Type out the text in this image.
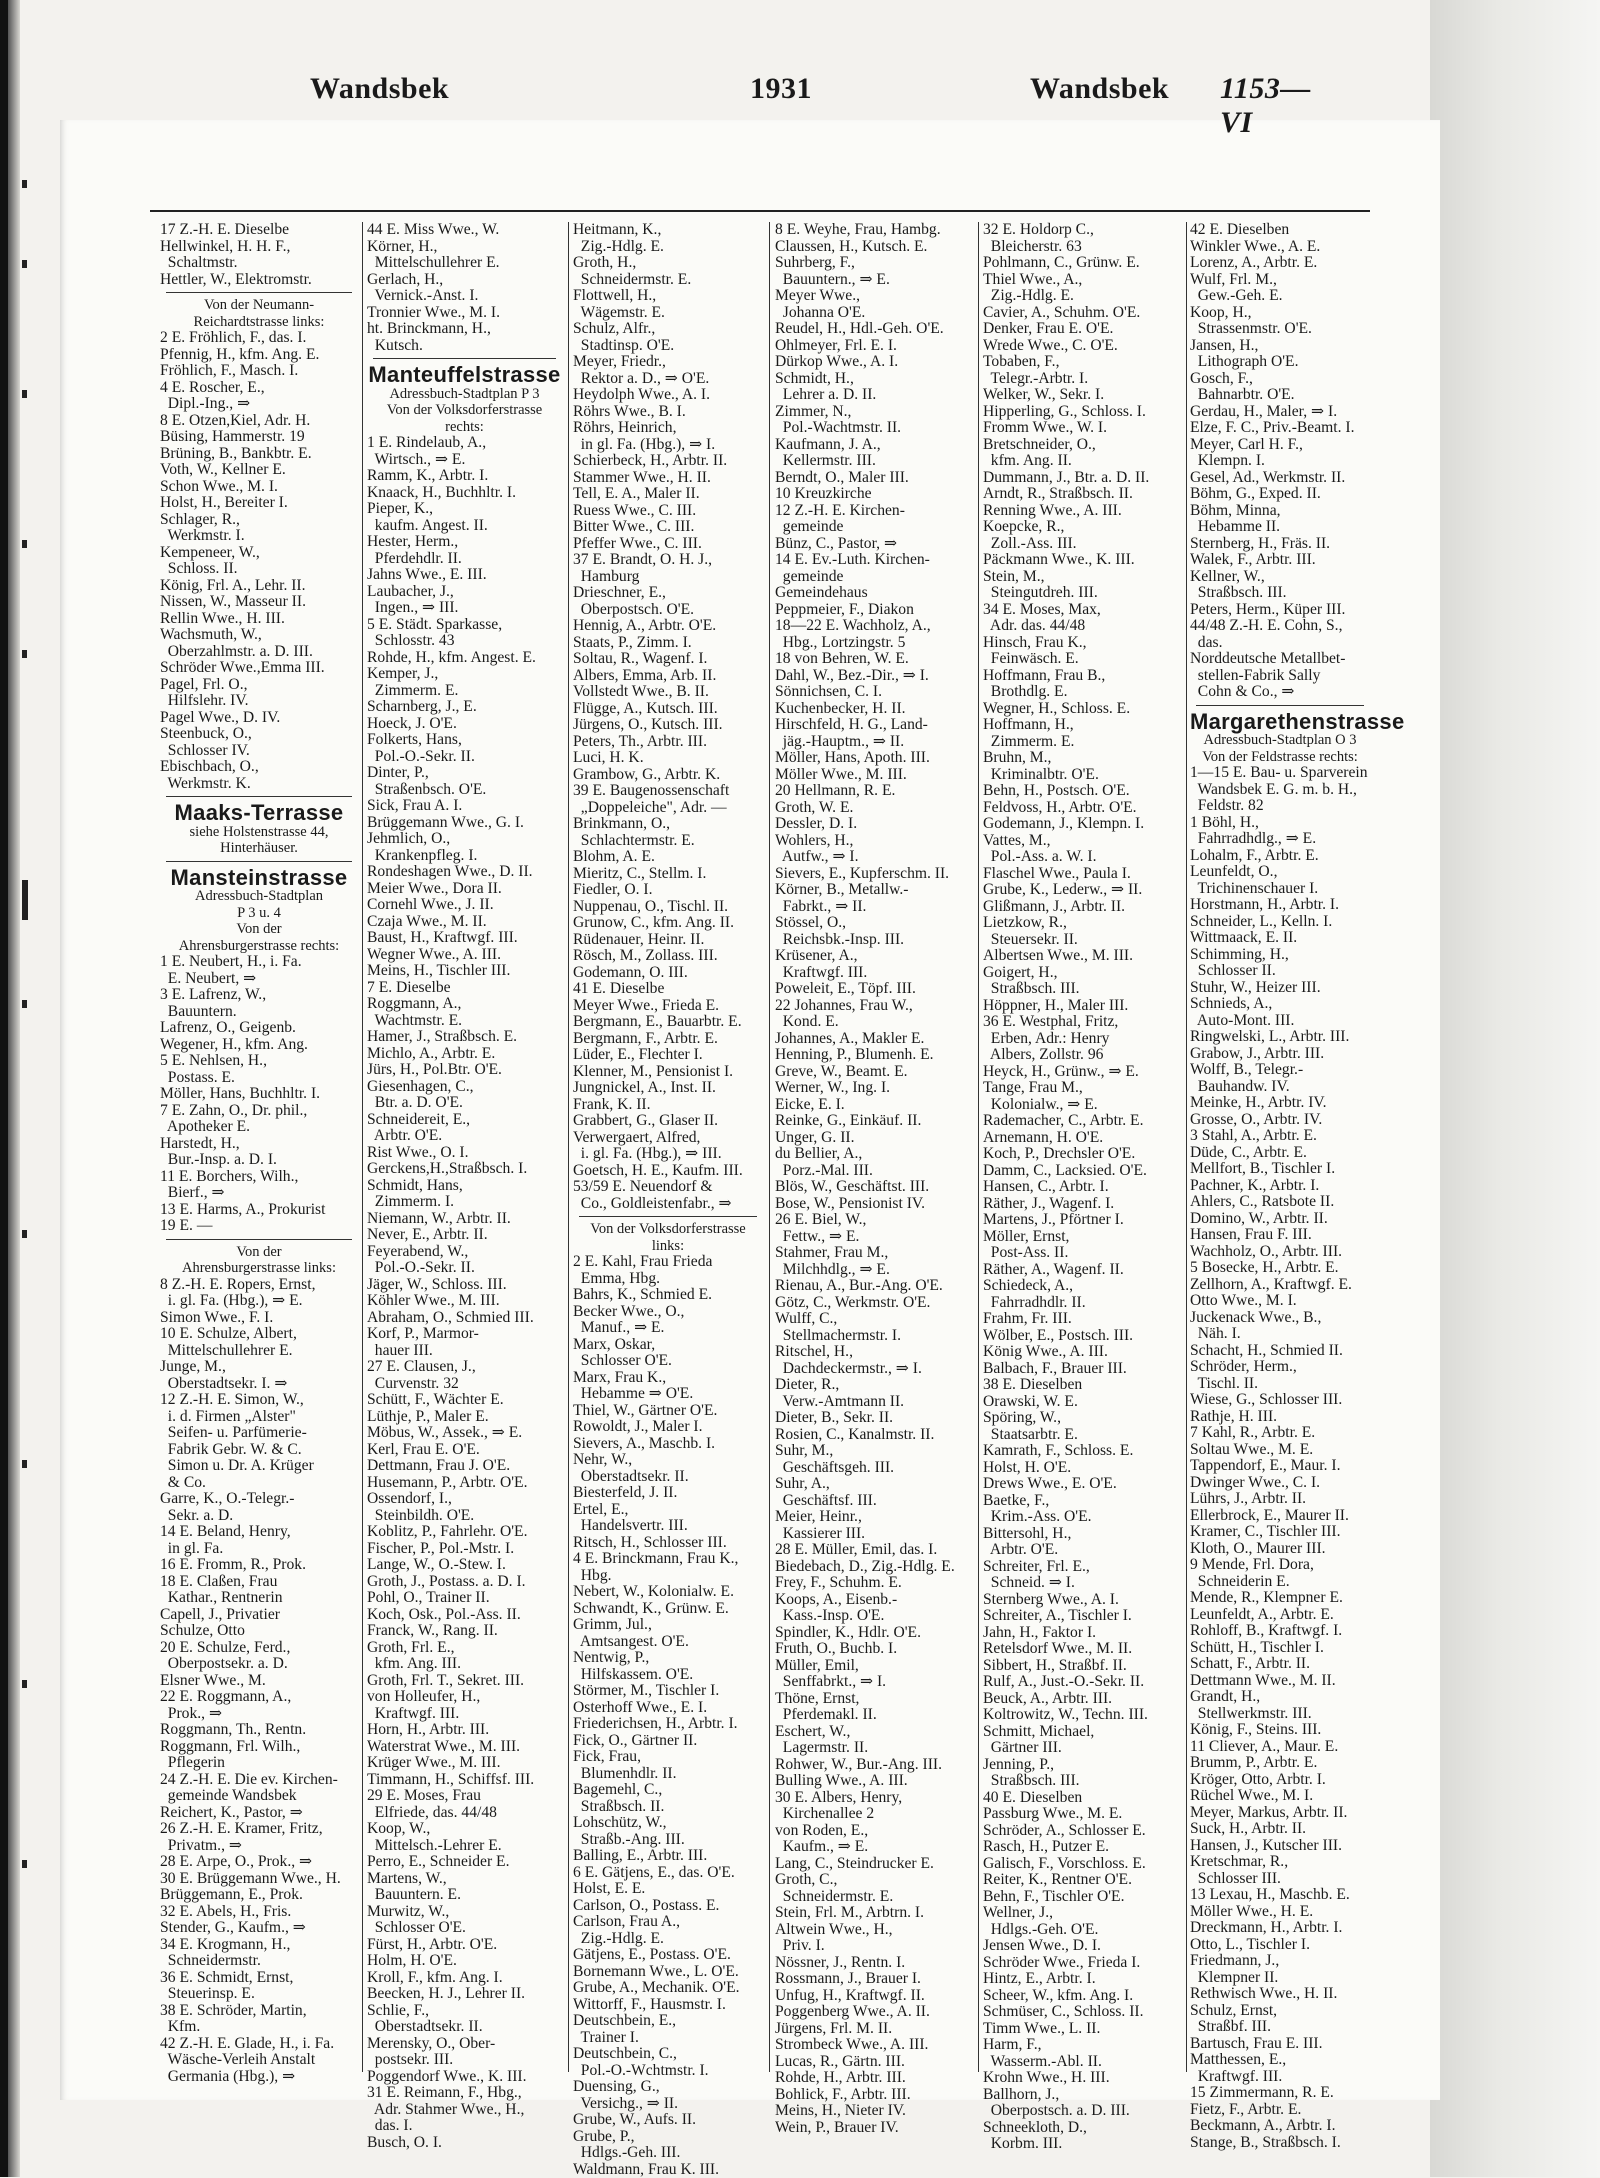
Wandsbek	1931	Wandsbek 1153—VI
17 Z.-H. E. Dieselbe
Hellwinkel, H. H. F.,
Schaltmstr.
Hettler, W., Elektromstr.
Von der Neumann-
Reichardtstrasse links:
2 E. Fröhlich, F., das. I.
Pfennig, H., kfm. Ang. E.
Fröhlich, F., Masch. I.
4 E. Roscher, E.,
Dipl.-Ing., ⇒
8 E. Otzen,Kiel, Adr. H.
Büsing, Hammerstr. 19
Brüning, B., Bankbtr. E.
Voth, W., Kellner E.
Schon Wwe., M. I.
Holst, H., Bereiter I.
Schlager, R.,
Werkmstr. I.
Kempeneer, W.,
Schloss. II.
König, Frl. A., Lehr. II.
Nissen, W., Masseur II.
Rellin Wwe., H. III.
Wachsmuth, W.,
Oberzahlmstr. a. D. III.
Schröder Wwe.,Emma III.
Pagel, Frl. O.,
Hilfslehr. IV.
Pagel Wwe., D. IV.
Steenbuck, O.,
Schlosser IV.
Ebischbach, O.,
Werkmstr. K.
Maaks-Terrasse
siehe Holstenstrasse 44,
Hinterhäuser.
Mansteinstrasse
Adressbuch-Stadtplan
P 3 u. 4
Von der
Ahrensburgerstrasse rechts:
1 E. Neubert, H., i. Fa.
E. Neubert, ⇒
3 E. Lafrenz, W.,
Bauuntern.
Lafrenz, O., Geigenb.
Wegener, H., kfm. Ang.
5 E. Nehlsen, H.,
Postass. E.
Möller, Hans, Buchhltr. I.
7 E. Zahn, O., Dr. phil.,
Apotheker E.
Harstedt, H.,
Bur.-Insp. a. D. I.
11 E. Borchers, Wilh.,
Bierf., ⇒
13 E. Harms, A., Prokurist
19 E. —
Von der
Ahrensburgerstrasse links:
8 Z.-H. E. Ropers, Ernst,
i. gl. Fa. (Hbg.), ⇒ E.
Simon Wwe., F. I.
10 E. Schulze, Albert,
Mittelschullehrer E.
Junge, M.,
Oberstadtsekr. I. ⇒
12 Z.-H. E. Simon, W.,
i. d. Firmen „Alster"
Seifen- u. Parfümerie-
Fabrik Gebr. W. & C.
Simon u. Dr. A. Krüger
& Co.
Garre, K., O.-Telegr.-
Sekr. a. D.
14 E. Beland, Henry,
in gl. Fa.
16 E. Fromm, R., Prok.
18 E. Claßen, Frau
Kathar., Rentnerin
Capell, J., Privatier
Schulze, Otto
20 E. Schulze, Ferd.,
Oberpostsekr. a. D.
Elsner Wwe., M.
22 E. Roggmann, A.,
Prok., ⇒
Roggmann, Th., Rentn.
Roggmann, Frl. Wilh.,
Pflegerin
24 Z.-H. E. Die ev. Kirchen-
gemeinde Wandsbek
Reichert, K., Pastor, ⇒
26 Z.-H. E. Kramer, Fritz,
Privatm., ⇒
28 E. Arpe, O., Prok., ⇒
30 E. Brüggemann Wwe., H.
Brüggemann, E., Prok.
32 E. Abels, H., Fris.
Stender, G., Kaufm., ⇒
34 E. Krogmann, H.,
Schneidermstr.
36 E. Schmidt, Ernst,
Steuerinsp. E.
38 E. Schröder, Martin,
Kfm.
42 Z.-H. E. Glade, H., i. Fa.
Wäsche-Verleih Anstalt
Germania (Hbg.), ⇒
44 E. Miss Wwe., W.
Körner, H.,
Mittelschullehrer E.
Gerlach, H.,
Vernick.-Anst. I.
Tronnier Wwe., M. I.
ht. Brinckmann, H.,
Kutsch.
Manteuffelstrasse
Adressbuch-Stadtplan P 3
Von der Volksdorferstrasse
rechts:
1 E. Rindelaub, A.,
Wirtsch., ⇒ E.
Ramm, K., Arbtr. I.
Knaack, H., Buchhltr. I.
Pieper, K.,
kaufm. Angest. II.
Hester, Herm.,
Pferdehdlr. II.
Jahns Wwe., E. III.
Laubacher, J.,
Ingen., ⇒ III.
5 E. Städt. Sparkasse,
Schlosstr. 43
Rohde, H., kfm. Angest. E.
Kemper, J.,
Zimmerm. E.
Scharnberg, J., E.
Hoeck, J. O'E.
Folkerts, Hans,
Pol.-O.-Sekr. II.
Dinter, P.,
Straßenbsch. O'E.
Sick, Frau A. I.
Brüggemann Wwe., G. I.
Jehmlich, O.,
Krankenpfleg. I.
Rondeshagen Wwe., D. II.
Meier Wwe., Dora II.
Cornehl Wwe., J. II.
Czaja Wwe., M. II.
Baust, H., Kraftwgf. III.
Wegner Wwe., A. III.
Meins, H., Tischler III.
7 E. Dieselbe
Roggmann, A.,
Wachtmstr. E.
Hamer, J., Straßbsch. E.
Michlo, A., Arbtr. E.
Jürs, H., Pol.Btr. O'E.
Giesenhagen, C.,
Btr. a. D. O'E.
Schneidereit, E.,
Arbtr. O'E.
Rist Wwe., O. I.
Gerckens,H.,Straßbsch. I.
Schmidt, Hans,
Zimmerm. I.
Niemann, W., Arbtr. II.
Never, E., Arbtr. II.
Feyerabend, W.,
Pol.-O.-Sekr. II.
Jäger, W., Schloss. III.
Köhler Wwe., M. III.
Abraham, O., Schmied III.
Korf, P., Marmor-
hauer III.
27 E. Clausen, J.,
Curvenstr. 32
Schütt, F., Wächter E.
Lüthje, P., Maler E.
Möbus, W., Assek., ⇒ E.
Kerl, Frau E. O'E.
Dettmann, Frau J. O'E.
Husemann, P., Arbtr. O'E.
Ossendorf, I.,
Steinbildh. O'E.
Koblitz, P., Fahrlehr. O'E.
Fischer, P., Pol.-Mstr. I.
Lange, W., O.-Stew. I.
Groth, J., Postass. a. D. I.
Pohl, O., Trainer II.
Koch, Osk., Pol.-Ass. II.
Franck, W., Rang. II.
Groth, Frl. E.,
kfm. Ang. III.
Groth, Frl. T., Sekret. III.
von Holleufer, H.,
Kraftwgf. III.
Horn, H., Arbtr. III.
Waterstrat Wwe., M. III.
Krüger Wwe., M. III.
Timmann, H., Schiffsf. III.
29 E. Moses, Frau
Elfriede, das. 44/48
Koop, W.,
Mittelsch.-Lehrer E.
Perro, E., Schneider E.
Martens, W.,
Bauuntern. E.
Murwitz, W.,
Schlosser O'E.
Fürst, H., Arbtr. O'E.
Holm, H. O'E.
Kroll, F., kfm. Ang. I.
Beecken, H. J., Lehrer II.
Schlie, F.,
Oberstadtsekr. II.
Merensky, O., Ober-
postsekr. III.
Poggendorf Wwe., K. III.
31 E. Reimann, F., Hbg.,
Adr. Stahmer Wwe., H.,
das. I.
Busch, O. I.
Heitmann, K.,
Zig.-Hdlg. E.
Groth, H.,
Schneidermstr. E.
Flottwell, H.,
Wägemstr. E.
Schulz, Alfr.,
Stadtinsp. O'E.
Meyer, Friedr.,
Rektor a. D., ⇒ O'E.
Heydolph Wwe., A. I.
Röhrs Wwe., B. I.
Röhrs, Heinrich,
in gl. Fa. (Hbg.), ⇒ I.
Schierbeck, H., Arbtr. II.
Stammer Wwe., H. II.
Tell, E. A., Maler II.
Ruess Wwe., C. III.
Bitter Wwe., C. III.
Pfeffer Wwe., C. III.
37 E. Brandt, O. H. J.,
Hamburg
Drieschner, E.,
Oberpostsch. O'E.
Hennig, A., Arbtr. O'E.
Staats, P., Zimm. I.
Soltau, R., Wagenf. I.
Albers, Emma, Arb. II.
Vollstedt Wwe., B. II.
Flügge, A., Kutsch. III.
Jürgens, O., Kutsch. III.
Peters, Th., Arbtr. III.
Luci, H. K.
Grambow, G., Arbtr. K.
39 E. Baugenossenschaft
„Doppeleiche", Adr. —
Brinkmann, O.,
Schlachtermstr. E.
Blohm, A. E.
Mieritz, C., Stellm. I.
Fiedler, O. I.
Nuppenau, O., Tischl. II.
Grunow, C., kfm. Ang. II.
Rüdenauer, Heinr. II.
Rösch, M., Zollass. III.
Godemann, O. III.
41 E. Dieselbe
Meyer Wwe., Frieda E.
Bergmann, E., Bauarbtr. E.
Bergmann, F., Arbtr. E.
Lüder, E., Flechter I.
Klenner, M., Pensionist I.
Jungnickel, A., Inst. II.
Frank, K. II.
Grabbert, G., Glaser II.
Verwergaert, Alfred,
i. gl. Fa. (Hbg.), ⇒ III.
Goetsch, H. E., Kaufm. III.
53/59 E. Neuendorf &
Co., Goldleistenfabr., ⇒
Von der Volksdorferstrasse
links:
2 E. Kahl, Frau Frieda
Emma, Hbg.
Bahrs, K., Schmied E.
Becker Wwe., O.,
Manuf., ⇒ E.
Marx, Oskar,
Schlosser O'E.
Marx, Frau K.,
Hebamme ⇒ O'E.
Thiel, W., Gärtner O'E.
Rowoldt, J., Maler I.
Sievers, A., Maschb. I.
Nehr, W.,
Oberstadtsekr. II.
Biesterfeld, J. II.
Ertel, E.,
Handelsvertr. III.
Ritsch, H., Schlosser III.
4 E. Brinckmann, Frau K.,
Hbg.
Nebert, W., Kolonialw. E.
Schwandt, K., Grünw. E.
Grimm, Jul.,
Amtsangest. O'E.
Nentwig, P.,
Hilfskassem. O'E.
Störmer, M., Tischler I.
Osterhoff Wwe., E. I.
Friederichsen, H., Arbtr. I.
Fick, O., Gärtner II.
Fick, Frau,
Blumenhdlr. II.
Bagemehl, C.,
Straßbsch. II.
Lohschütz, W.,
Straßb.-Ang. III.
Balling, E., Arbtr. III.
6 E. Gätjens, E., das. O'E.
Holst, E. E.
Carlson, O., Postass. E.
Carlson, Frau A.,
Zig.-Hdlg. E.
Gätjens, E., Postass. O'E.
Bornemann Wwe., L. O'E.
Grube, A., Mechanik. O'E.
Wittorff, F., Hausmstr. I.
Deutschbein, E.,
Trainer I.
Deutschbein, C.,
Pol.-O.-Wchtmstr. I.
Duensing, G.,
Versichg., ⇒ II.
Grube, W., Aufs. II.
Grube, P.,
Hdlgs.-Geh. III.
Waldmann, Frau K. III.
8 E. Weyhe, Frau, Hambg.
Claussen, H., Kutsch. E.
Suhrberg, F.,
Bauuntern., ⇒ E.
Meyer Wwe.,
Johanna O'E.
Reudel, H., Hdl.-Geh. O'E.
Ohlmeyer, Frl. E. I.
Dürkop Wwe., A. I.
Schmidt, H.,
Lehrer a. D. II.
Zimmer, N.,
Pol.-Wachtmstr. II.
Kaufmann, J. A.,
Kellermstr. III.
Berndt, O., Maler III.
10 Kreuzkirche
12 Z.-H. E. Kirchen-
gemeinde
Bünz, C., Pastor, ⇒
14 E. Ev.-Luth. Kirchen-
gemeinde
Gemeindehaus
Peppmeier, F., Diakon
18—22 E. Wachholz, A.,
Hbg., Lortzingstr. 5
18 von Behren, W. E.
Dahl, W., Bez.-Dir., ⇒ I.
Sönnichsen, C. I.
Kuchenbecker, H. II.
Hirschfeld, H. G., Land-
jäg.-Hauptm., ⇒ II.
Möller, Hans, Apoth. III.
Möller Wwe., M. III.
20 Hellmann, R. E.
Groth, W. E.
Dessler, D. I.
Wohlers, H.,
Autfw., ⇒ I.
Sievers, E., Kupferschm. II.
Körner, B., Metallw.-
Fabrkt., ⇒ II.
Stössel, O.,
Reichsbk.-Insp. III.
Krüsener, A.,
Kraftwgf. III.
Poweleit, E., Töpf. III.
22 Johannes, Frau W.,
Kond. E.
Johannes, A., Makler E.
Henning, P., Blumenh. E.
Greve, W., Beamt. E.
Werner, W., Ing. I.
Eicke, E. I.
Reinke, G., Einkäuf. II.
Unger, G. II.
du Bellier, A.,
Porz.-Mal. III.
Blös, W., Geschäftst. III.
Bose, W., Pensionist IV.
26 E. Biel, W.,
Fettw., ⇒ E.
Stahmer, Frau M.,
Milchhdlg., ⇒ E.
Rienau, A., Bur.-Ang. O'E.
Götz, C., Werkmstr. O'E.
Wulff, C.,
Stellmachermstr. I.
Ritschel, H.,
Dachdeckermstr., ⇒ I.
Dieter, R.,
Verw.-Amtmann II.
Dieter, B., Sekr. II.
Rosien, C., Kanalmstr. II.
Suhr, M.,
Geschäftsgeh. III.
Suhr, A.,
Geschäftsf. III.
Meier, Heinr.,
Kassierer III.
28 E. Müller, Emil, das. I.
Biedebach, D., Zig.-Hdlg. E.
Frey, F., Schuhm. E.
Koops, A., Eisenb.-
Kass.-Insp. O'E.
Spindler, K., Hdlr. O'E.
Fruth, O., Buchb. I.
Müller, Emil,
Senffabrkt., ⇒ I.
Thöne, Ernst,
Pferdemakl. II.
Eschert, W.,
Lagermstr. II.
Rohwer, W., Bur.-Ang. III.
Bulling Wwe., A. III.
30 E. Albers, Henry,
Kirchenallee 2
von Roden, E.,
Kaufm., ⇒ E.
Lang, C., Steindrucker E.
Groth, C.,
Schneidermstr. E.
Stein, Frl. M., Arbtrn. I.
Altwein Wwe., H.,
Priv. I.
Nössner, J., Rentn. I.
Rossmann, J., Brauer I.
Unfug, H., Kraftwgf. II.
Poggenberg Wwe., A. II.
Jürgens, Frl. M. II.
Strombeck Wwe., A. III.
Lucas, R., Gärtn. III.
Rohde, H., Arbtr. III.
Bohlick, F., Arbtr. III.
Meins, H., Nieter IV.
Wein, P., Brauer IV.
32 E. Holdorp C.,
Bleicherstr. 63
Pohlmann, C., Grünw. E.
Thiel Wwe., A.,
Zig.-Hdlg. E.
Cavier, A., Schuhm. O'E.
Denker, Frau E. O'E.
Wrede Wwe., C. O'E.
Tobaben, F.,
Telegr.-Arbtr. I.
Welker, W., Sekr. I.
Hipperling, G., Schloss. I.
Fromm Wwe., W. I.
Bretschneider, O.,
kfm. Ang. II.
Dummann, J., Btr. a. D. II.
Arndt, R., Straßbsch. II.
Renning Wwe., A. III.
Koepcke, R.,
Zoll.-Ass. III.
Päckmann Wwe., K. III.
Stein, M.,
Steingutdreh. III.
34 E. Moses, Max,
Adr. das. 44/48
Hinsch, Frau K.,
Feinwäsch. E.
Hoffmann, Frau B.,
Brothdlg. E.
Wegner, H., Schloss. E.
Hoffmann, H.,
Zimmerm. E.
Bruhn, M.,
Kriminalbtr. O'E.
Behn, H., Postsch. O'E.
Feldvoss, H., Arbtr. O'E.
Godemann, J., Klempn. I.
Vattes, M.,
Pol.-Ass. a. W. I.
Flaschel Wwe., Paula I.
Grube, K., Lederw., ⇒ II.
Glißmann, J., Arbtr. II.
Lietzkow, R.,
Steuersekr. II.
Albertsen Wwe., M. III.
Goigert, H.,
Straßbsch. III.
Höppner, H., Maler III.
36 E. Westphal, Fritz,
Erben, Adr.: Henry
Albers, Zollstr. 96
Heyck, H., Grünw., ⇒ E.
Tange, Frau M.,
Kolonialw., ⇒ E.
Rademacher, C., Arbtr. E.
Arnemann, H. O'E.
Koch, P., Drechsler O'E.
Damm, C., Lacksied. O'E.
Hansen, C., Arbtr. I.
Räther, J., Wagenf. I.
Martens, J., Pförtner I.
Möller, Ernst,
Post-Ass. II.
Räther, A., Wagenf. II.
Schiedeck, A.,
Fahrradhdlr. II.
Frahm, Fr. III.
Wölber, E., Postsch. III.
König Wwe., A. III.
Balbach, F., Brauer III.
38 E. Dieselben
Orawski, W. E.
Spöring, W.,
Staatsarbtr. E.
Kamrath, F., Schloss. E.
Holst, H. O'E.
Drews Wwe., E. O'E.
Baetke, F.,
Krim.-Ass. O'E.
Bittersohl, H.,
Arbtr. O'E.
Schreiter, Frl. E.,
Schneid. ⇒ I.
Sternberg Wwe., A. I.
Schreiter, A., Tischler I.
Jahn, H., Faktor I.
Retelsdorf Wwe., M. II.
Sibbert, H., Straßbf. II.
Rulf, A., Just.-O.-Sekr. II.
Beuck, A., Arbtr. III.
Koltrowitz, W., Techn. III.
Schmitt, Michael,
Gärtner III.
Jenning, P.,
Straßbsch. III.
40 E. Dieselben
Passburg Wwe., M. E.
Schröder, A., Schlosser E.
Rasch, H., Putzer E.
Galisch, F., Vorschloss. E.
Reiter, K., Rentner O'E.
Behn, F., Tischler O'E.
Wellner, J.,
Hdlgs.-Geh. O'E.
Jensen Wwe., D. I.
Schröder Wwe., Frieda I.
Hintz, E., Arbtr. I.
Scheer, W., kfm. Ang. I.
Schmüser, C., Schloss. II.
Timm Wwe., L. II.
Harm, F.,
Wasserm.-Abl. II.
Krohn Wwe., H. III.
Ballhorn, J.,
Oberpostsch. a. D. III.
Schneekloth, D.,
Korbm. III.
42 E. Dieselben
Winkler Wwe., A. E.
Lorenz, A., Arbtr. E.
Wulf, Frl. M.,
Gew.-Geh. E.
Koop, H.,
Strassenmstr. O'E.
Jansen, H.,
Lithograph O'E.
Gosch, F.,
Bahnarbtr. O'E.
Gerdau, H., Maler, ⇒ I.
Elze, F. C., Priv.-Beamt. I.
Meyer, Carl H. F.,
Klempn. I.
Gesel, Ad., Werkmstr. II.
Böhm, G., Exped. II.
Böhm, Minna,
Hebamme II.
Sternberg, H., Fräs. II.
Walek, F., Arbtr. III.
Kellner, W.,
Straßbsch. III.
Peters, Herm., Küper III.
44/48 Z.-H. E. Cohn, S.,
das.
Norddeutsche Metallbet-
stellen-Fabrik Sally
Cohn & Co., ⇒
Margarethenstrasse
Adressbuch-Stadtplan O 3
Von der Feldstrasse rechts:
1—15 E. Bau- u. Sparverein
Wandsbek E. G. m. b. H.,
Feldstr. 82
1 Böhl, H.,
Fahrradhdlg., ⇒ E.
Lohalm, F., Arbtr. E.
Leunfeldt, O.,
Trichinenschauer I.
Horstmann, H., Arbtr. I.
Schneider, L., Kelln. I.
Wittmaack, E. II.
Schimming, H.,
Schlosser II.
Stuhr, W., Heizer III.
Schnieds, A.,
Auto-Mont. III.
Ringwelski, L., Arbtr. III.
Grabow, J., Arbtr. III.
Wolff, B., Telegr.-
Bauhandw. IV.
Meinke, H., Arbtr. IV.
Grosse, O., Arbtr. IV.
3 Stahl, A., Arbtr. E.
Düde, C., Arbtr. E.
Mellfort, B., Tischler I.
Pachner, K., Arbtr. I.
Ahlers, C., Ratsbote II.
Domino, W., Arbtr. II.
Hansen, Frau F. III.
Wachholz, O., Arbtr. III.
5 Bosecke, H., Arbtr. E.
Zellhorn, A., Kraftwgf. E.
Otto Wwe., M. I.
Juckenack Wwe., B.,
Näh. I.
Schacht, H., Schmied II.
Schröder, Herm.,
Tischl. II.
Wiese, G., Schlosser III.
Rathje, H. III.
7 Kahl, R., Arbtr. E.
Soltau Wwe., M. E.
Tappendorf, E., Maur. I.
Dwinger Wwe., C. I.
Lührs, J., Arbtr. II.
Ellerbrock, E., Maurer II.
Kramer, C., Tischler III.
Kloth, O., Maurer III.
9 Mende, Frl. Dora,
Schneiderin E.
Mende, R., Klempner E.
Leunfeldt, A., Arbtr. E.
Rohloff, B., Kraftwgf. I.
Schütt, H., Tischler I.
Schatt, F., Arbtr. II.
Dettmann Wwe., M. II.
Grandt, H.,
Stellwerkmstr. III.
König, F., Steins. III.
11 Cliever, A., Maur. E.
Brumm, P., Arbtr. E.
Kröger, Otto, Arbtr. I.
Rüchel Wwe., M. I.
Meyer, Markus, Arbtr. II.
Suck, H., Arbtr. II.
Hansen, J., Kutscher III.
Kretschmar, R.,
Schlosser III.
13 Lexau, H., Maschb. E.
Möller Wwe., H. E.
Dreckmann, H., Arbtr. I.
Otto, L., Tischler I.
Friedmann, J.,
Klempner II.
Rethwisch Wwe., H. II.
Schulz, Ernst,
Straßbf. III.
Bartusch, Frau E. III.
Matthessen, E.,
Kraftwgf. III.
15 Zimmermann, R. E.
Fietz, F., Arbtr. E.
Beckmann, A., Arbtr. I.
Stange, B., Straßbsch. I.
